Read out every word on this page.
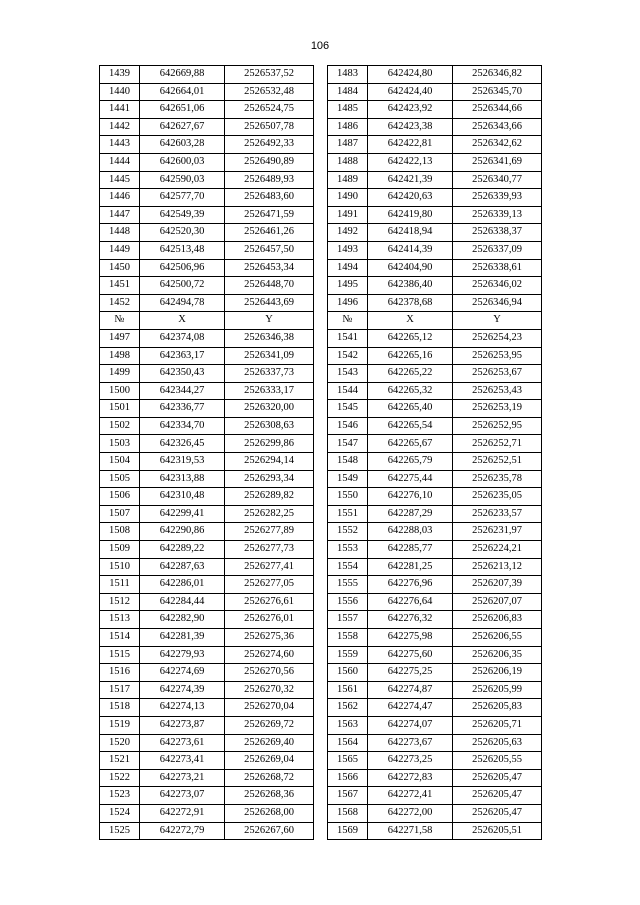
106
1439	642669,88	2526537,52		1483	642424,80	2526346,82
1440	642664,01	2526532,48		1484	642424,40	2526345,70
1441	642651,06	2526524,75		1485	642423,92	2526344,66
1442	642627,67	2526507,78		1486	642423,38	2526343,66
1443	642603,28	2526492,33		1487	642422,81	2526342,62
1444	642600,03	2526490,89		1488	642422,13	2526341,69
1445	642590,03	2526489,93		1489	642421,39	2526340,77
1446	642577,70	2526483,60		1490	642420,63	2526339,93
1447	642549,39	2526471,59		1491	642419,80	2526339,13
1448	642520,30	2526461,26		1492	642418,94	2526338,37
1449	642513,48	2526457,50		1493	642414,39	2526337,09
1450	642506,96	2526453,34		1494	642404,90	2526338,61
1451	642500,72	2526448,70		1495	642386,40	2526346,02
1452	642494,78	2526443,69		1496	642378,68	2526346,94
№	X	Y		№	X	Y
1497	642374,08	2526346,38		1541	642265,12	2526254,23
1498	642363,17	2526341,09		1542	642265,16	2526253,95
1499	642350,43	2526337,73		1543	642265,22	2526253,67
1500	642344,27	2526333,17		1544	642265,32	2526253,43
1501	642336,77	2526320,00		1545	642265,40	2526253,19
1502	642334,70	2526308,63		1546	642265,54	2526252,95
1503	642326,45	2526299,86		1547	642265,67	2526252,71
1504	642319,53	2526294,14		1548	642265,79	2526252,51
1505	642313,88	2526293,34		1549	642275,44	2526235,78
1506	642310,48	2526289,82		1550	642276,10	2526235,05
1507	642299,41	2526282,25		1551	642287,29	2526233,57
1508	642290,86	2526277,89		1552	642288,03	2526231,97
1509	642289,22	2526277,73		1553	642285,77	2526224,21
1510	642287,63	2526277,41		1554	642281,25	2526213,12
1511	642286,01	2526277,05		1555	642276,96	2526207,39
1512	642284,44	2526276,61		1556	642276,64	2526207,07
1513	642282,90	2526276,01		1557	642276,32	2526206,83
1514	642281,39	2526275,36		1558	642275,98	2526206,55
1515	642279,93	2526274,60		1559	642275,60	2526206,35
1516	642274,69	2526270,56		1560	642275,25	2526206,19
1517	642274,39	2526270,32		1561	642274,87	2526205,99
1518	642274,13	2526270,04		1562	642274,47	2526205,83
1519	642273,87	2526269,72		1563	642274,07	2526205,71
1520	642273,61	2526269,40		1564	642273,67	2526205,63
1521	642273,41	2526269,04		1565	642273,25	2526205,55
1522	642273,21	2526268,72		1566	642272,83	2526205,47
1523	642273,07	2526268,36		1567	642272,41	2526205,47
1524	642272,91	2526268,00		1568	642272,00	2526205,47
1525	642272,79	2526267,60		1569	642271,58	2526205,51
